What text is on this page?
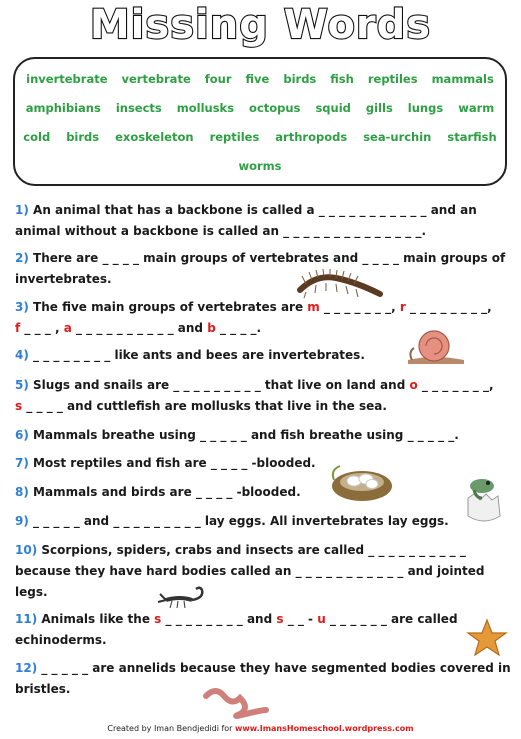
Missing Words
invertebrate vertebrate four five birds fish reptiles mammals
amphibians insects mollusks octopus squid gills lungs warm
cold birds exoskeleton reptiles arthropods sea-urchin starfish
worms
1) An animal that has a backbone is called a _ _ _ _ _ _ _ _ _ _ _ and an
animal without a backbone is called an _ _ _ _ _ _ _ _ _ _ _ _ _ _.
2) There are _ _ _ _ main groups of vertebrates and _ _ _ _ main groups of
invertebrates.
3) The five main groups of vertebrates are m _ _ _ _ _ _ _, r _ _ _ _ _ _ _ _,
f _ _ _ , a _ _ _ _ _ _ _ _ _ _ and b _ _ _ _.
4) _ _ _ _ _ _ _ _ like ants and bees are invertebrates.
5) Slugs and snails are _ _ _ _ _ _ _ _ _ that live on land and o _ _ _ _ _ _ _,
s _ _ _ _ and cuttlefish are mollusks that live in the sea.
6) Mammals breathe using _ _ _ _ _ and fish breathe using _ _ _ _ _.
7) Most reptiles and fish are _ _ _ _ -blooded.
8) Mammals and birds are _ _ _ _ -blooded.
9) _ _ _ _ _ and _ _ _ _ _ _ _ _ _ lay eggs. All invertebrates lay eggs.
10) Scorpions, spiders, crabs and insects are called _ _ _ _ _ _ _ _ _ _
because they have hard bodies called an _ _ _ _ _ _ _ _ _ _ _ and jointed
legs.
11) Animals like the s _ _ _ _ _ _ _ _ and s _ _ - u _ _ _ _ _ _ are called
echinoderms.
12) _ _ _ _ _ are annelids because they have segmented bodies covered in
bristles.
Created by Iman Bendjedidi for www.ImansHomeschool.wordpress.com
